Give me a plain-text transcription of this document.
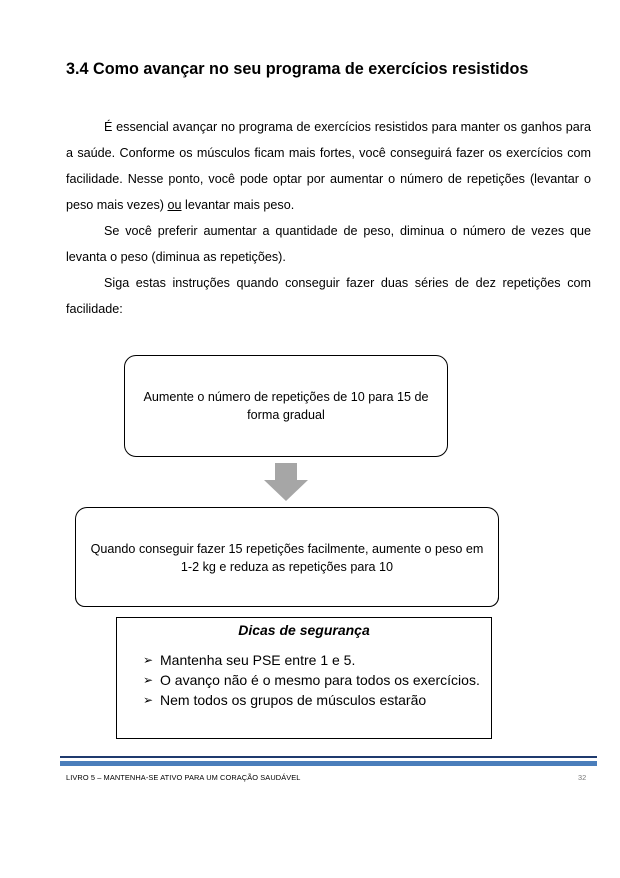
3.4 Como avançar no seu programa de exercícios resistidos

É essencial avançar no programa de exercícios resistidos para manter os ganhos para a saúde. Conforme os músculos ficam mais fortes, você conseguirá fazer os exercícios com facilidade. Nesse ponto, você pode optar por aumentar o número de repetições (levantar o peso mais vezes) ou levantar mais peso.

Se você preferir aumentar a quantidade de peso, diminua o número de vezes que levanta o peso (diminua as repetições).

Siga estas instruções quando conseguir fazer duas séries de dez repetições com facilidade:

Aumente o número de repetições de 10 para 15 de forma gradual
Quando conseguir fazer 15 repetições facilmente, aumente o peso em 1-2 kg e reduza as repetições para 10
Dicas de segurança
➢ Mantenha seu PSE entre 1 e 5.
➢ O avanço não é o mesmo para todos os exercícios.
➢ Nem todos os grupos de músculos estarão
LIVRO 5 – MANTENHA-SE ATIVO PARA UM CORAÇÃO SAUDÁVEL	32
